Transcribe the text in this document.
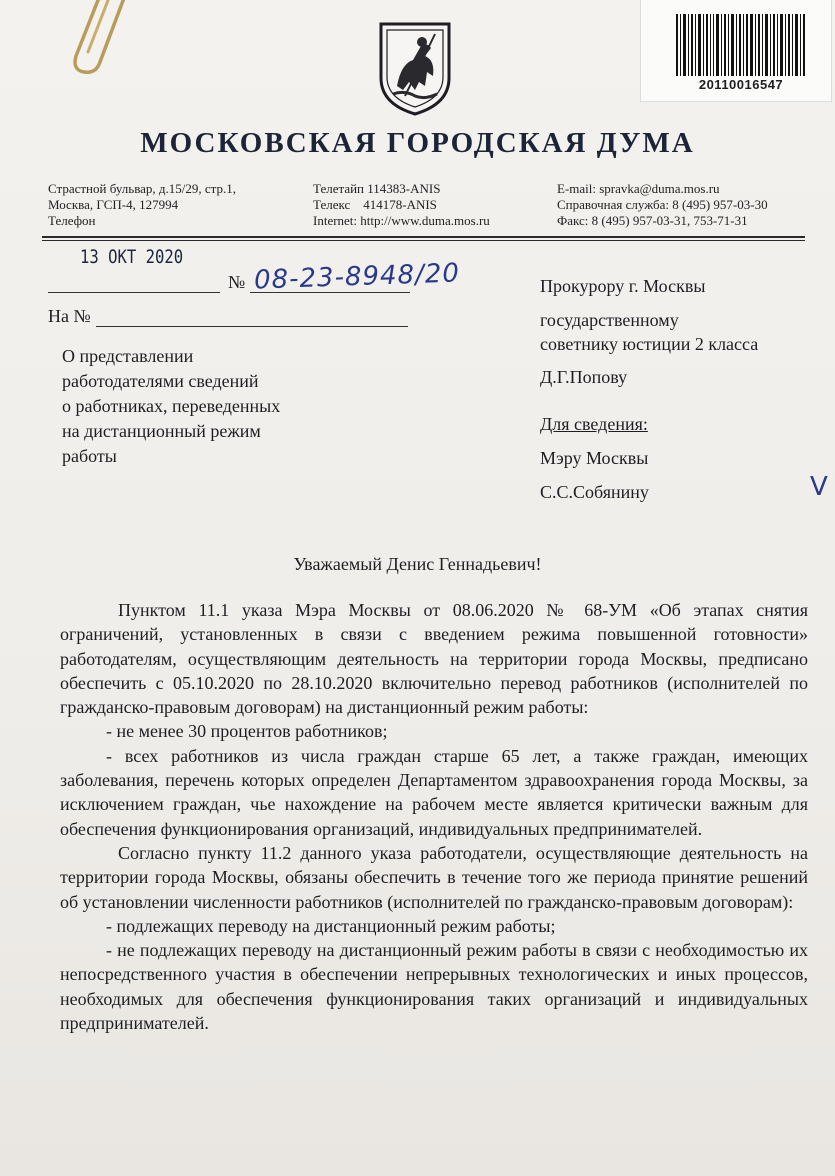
20110016547
МОСКОВСКАЯ ГОРОДСКАЯ ДУМА
Страстной бульвар, д.15/29, стр.1,
Москва, ГСП-4, 127994
Телефон
Телетайп 114383-ANIS
Телекс    414178-ANIS
Internet: http://www.duma.mos.ru
E-mail: spravka@duma.mos.ru
Справочная служба: 8 (495) 957-03-30
Факс: 8 (495) 957-03-31, 753-71-31
13 ОКТ 2020
№ 08-23-8948/20
На №
О представлении
работодателями сведений
о работниках, переведенных
на дистанционный режим
работы
Прокурору г. Москвы
государственному
советнику юстиции 2 класса
Д.Г.Попову
Для сведения:
Мэру Москвы
С.С.Собянину	V
Уважаемый Денис Геннадьевич!

Пунктом 11.1 указа Мэра Москвы от 08.06.2020 № 68-УМ «Об этапах снятия ограничений, установленных в связи с введением режима повышенной готовности» работодателям, осуществляющим деятельность на территории города Москвы, предписано обеспечить с 05.10.2020 по 28.10.2020 включительно перевод работников (исполнителей по гражданско-правовым договорам) на дистанционный режим работы:

- не менее 30 процентов работников;

- всех работников из числа граждан старше 65 лет, а также граждан, имеющих заболевания, перечень которых определен Департаментом здравоохранения города Москвы, за исключением граждан, чье нахождение на рабочем месте является критически важным для обеспечения функционирования организаций, индивидуальных предпринимателей.

Согласно пункту 11.2 данного указа работодатели, осуществляющие деятельность на территории города Москвы, обязаны обеспечить в течение того же периода принятие решений об установлении численности работников (исполнителей по гражданско-правовым договорам):

- подлежащих переводу на дистанционный режим работы;

- не подлежащих переводу на дистанционный режим работы в связи с необходимостью их непосредственного участия в обеспечении непрерывных технологических и иных процессов, необходимых для обеспечения функционирования таких организаций и индивидуальных предпринимателей.
